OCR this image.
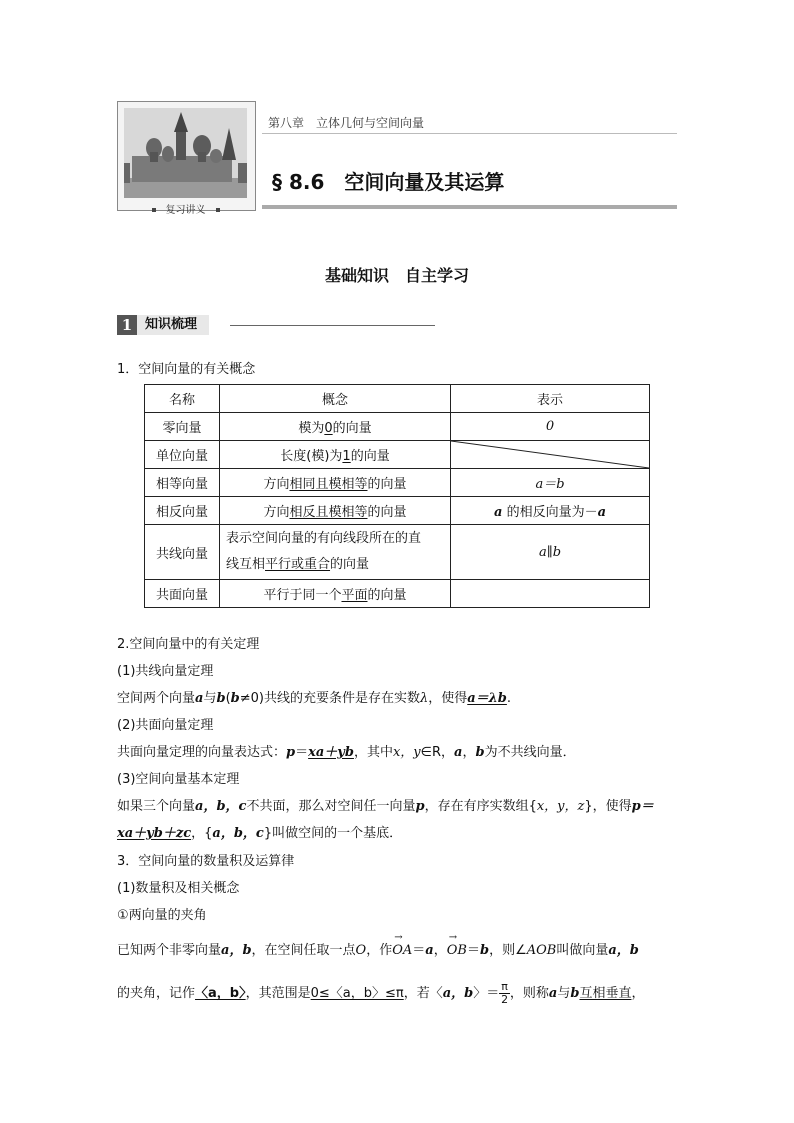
复习讲义
第八章　立体几何与空间向量
§ 8.6　空间向量及其运算
基础知识　自主学习
1 知识梳理
1．空间向量的有关概念
名称	概念	表示
零向量	模为0的向量	0
单位向量	长度(模)为1的向量	

相等向量	方向相同且模相等的向量	a＝b
相反向量	方向相反且模相等的向量	a 的相反向量为－a
共线向量	表示空间向量的有向线段所在的直
线互相平行或重合的向量	a∥b
共面向量	平行于同一个平面的向量	
2.空间向量中的有关定理
(1)共线向量定理
空间两个向量a与b(b≠0)共线的充要条件是存在实数λ，使得a＝λb.
(2)共面向量定理
共面向量定理的向量表达式：p＝xa＋yb，其中x，y∈R，a，b为不共线向量．
(3)空间向量基本定理
如果三个向量a，b，c不共面，那么对空间任一向量p，存在有序实数组{x，y，z}，使得p＝
xa＋yb＋zc，{a，b，c}叫做空间的一个基底．
3．空间向量的数量积及运算律
(1)数量积及相关概念
①两向量的夹角
已知两个非零向量a，b，在空间任取一点O，作→ OA＝a，→ OB＝b，则∠AOB叫做向量a，b
的夹角，记作〈a，b〉，其范围是0≤〈a，b〉≤π，若〈a，b〉＝ $\frac{\pi}{2}$ ，则称a与b互相垂直，
